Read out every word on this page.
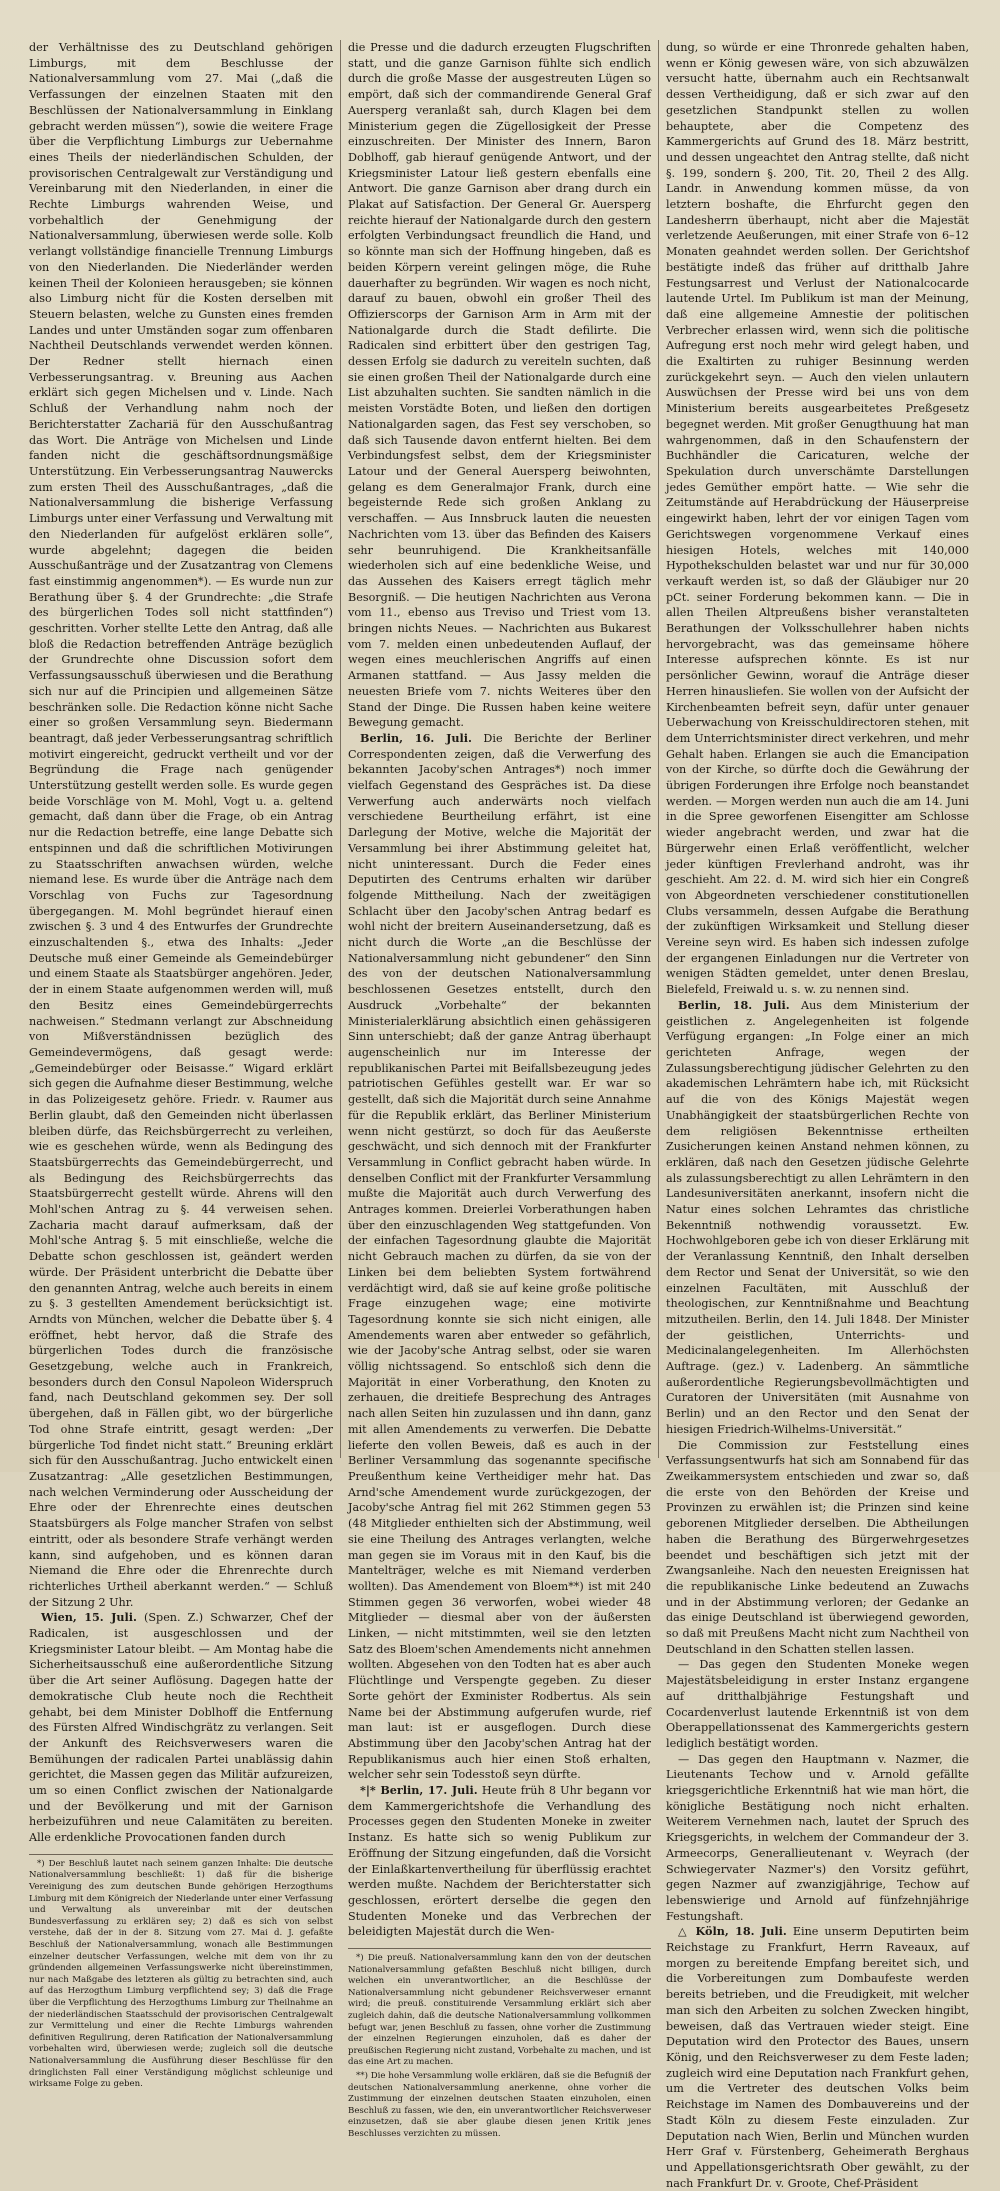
der Verhältnisse des zu Deutschland gehörigen Limburgs, mit dem Beschlusse der Nationalversammlung vom 27. Mai („daß die Verfassungen der einzelnen Staaten mit den Beschlüssen der Nationalversammlung in Einklang gebracht werden müssen“), sowie die weitere Frage über die Verpflichtung Limburgs zur Uebernahme eines Theils der niederländischen Schulden, der provisorischen Centralgewalt zur Verständigung und Vereinbarung mit den Niederlanden, in einer die Rechte Limburgs wahrenden Weise, und vorbehaltlich der Genehmigung der Nationalversammlung, überwiesen werde solle. Kolb verlangt vollständige financielle Trennung Limburgs von den Niederlanden. Die Niederländer werden keinen Theil der Kolonieen herausgeben; sie können also Limburg nicht für die Kosten derselben mit Steuern belasten, welche zu Gunsten eines fremden Landes und unter Umständen sogar zum offenbaren Nachtheil Deutschlands verwendet werden können. Der Redner stellt hiernach einen Verbesserungsantrag. v. Breuning aus Aachen erklärt sich gegen Michelsen und v. Linde. Nach Schluß der Verhandlung nahm noch der Berichterstatter Zachariä für den Ausschußantrag das Wort. Die Anträge von Michelsen und Linde fanden nicht die geschäftsordnungsmäßige Unterstützung. Ein Verbesserungsantrag Nauwercks zum ersten Theil des Ausschußantrages, „daß die Nationalversammlung die bisherige Verfassung Limburgs unter einer Verfassung und Verwaltung mit den Niederlanden für aufgelöst erklären solle“, wurde abgelehnt; dagegen die beiden Ausschußanträge und der Zusatzantrag von Clemens fast einstimmig angenommen*). — Es wurde nun zur Berathung über §. 4 der Grundrechte: „die Strafe des bürgerlichen Todes soll nicht stattfinden“) geschritten. Vorher stellte Lette den Antrag, daß alle bloß die Redaction betreffenden Anträge bezüglich der Grundrechte ohne Discussion sofort dem Verfassungsausschuß überwiesen und die Berathung sich nur auf die Principien und allgemeinen Sätze beschränken solle. Die Redaction könne nicht Sache einer so großen Versammlung seyn. Biedermann beantragt, daß jeder Verbesserungsantrag schriftlich motivirt eingereicht, gedruckt vertheilt und vor der Begründung die Frage nach genügender Unterstützung gestellt werden solle. Es wurde gegen beide Vorschläge von M. Mohl, Vogt u. a. geltend gemacht, daß dann über die Frage, ob ein Antrag nur die Redaction betreffe, eine lange Debatte sich entspinnen und daß die schriftlichen Motivirungen zu Staatsschriften anwachsen würden, welche niemand lese. Es wurde über die Anträge nach dem Vorschlag von Fuchs zur Tagesordnung übergegangen. M. Mohl begründet hierauf einen zwischen §. 3 und 4 des Entwurfes der Grundrechte einzuschaltenden §., etwa des Inhalts: „Jeder Deutsche muß einer Gemeinde als Gemeindebürger und einem Staate als Staatsbürger angehören. Jeder, der in einem Staate aufgenommen werden will, muß den Besitz eines Gemeindebürgerrechts nachweisen.“ Stedmann verlangt zur Abschneidung von Mißverständnissen bezüglich des Gemeindevermögens, daß gesagt werde: „Gemeindebürger oder Beisasse.“ Wigard erklärt sich gegen die Aufnahme dieser Bestimmung, welche in das Polizeigesetz gehöre. Friedr. v. Raumer aus Berlin glaubt, daß den Gemeinden nicht überlassen bleiben dürfe, das Reichsbürgerrecht zu verleihen, wie es geschehen würde, wenn als Bedingung des Staatsbürgerrechts das Gemeindebürgerrecht, und als Bedingung des Reichsbürgerrechts das Staatsbürgerrecht gestellt würde. Ahrens will den Mohl'schen Antrag zu §. 44 verweisen sehen. Zacharia macht darauf aufmerksam, daß der Mohl'sche Antrag §. 5 mit einschließe, welche die Debatte schon geschlossen ist, geändert werden würde. Der Präsident unterbricht die Debatte über den genannten Antrag, welche auch bereits in einem zu §. 3 gestellten Amendement berücksichtigt ist. Arndts von München, welcher die Debatte über §. 4 eröffnet, hebt hervor, daß die Strafe des bürgerlichen Todes durch die französische Gesetzgebung, welche auch in Frankreich, besonders durch den Consul Napoleon Widerspruch fand, nach Deutschland gekommen sey. Der soll übergehen, daß in Fällen gibt, wo der bürgerliche Tod ohne Strafe eintritt, gesagt werden: „Der bürgerliche Tod findet nicht statt.“ Breuning erklärt sich für den Ausschußantrag. Jucho entwickelt einen Zusatzantrag: „Alle gesetzlichen Bestimmungen, nach welchen Verminderung oder Ausscheidung der Ehre oder der Ehrenrechte eines deutschen Staatsbürgers als Folge mancher Strafen von selbst eintritt, oder als besondere Strafe verhängt werden kann, sind aufgehoben, und es können daran Niemand die Ehre oder die Ehrenrechte durch richterliches Urtheil aberkannt werden.“ — Schluß der Sitzung 2 Uhr.

Wien, 15. Juli. (Spen. Z.) Schwarzer, Chef der Radicalen, ist ausgeschlossen und der Kriegsminister Latour bleibt. — Am Montag habe die Sicherheitsausschuß eine außerordentliche Sitzung über die Art seiner Auflösung. Dagegen hatte der demokratische Club heute noch die Rechtheit gehabt, bei dem Minister Doblhoff die Entfernung des Fürsten Alfred Windischgrätz zu verlangen. Seit der Ankunft des Reichsverwesers waren die Bemühungen der radicalen Partei unablässig dahin gerichtet, die Massen gegen das Militär aufzureizen, um so einen Conflict zwischen der Nationalgarde und der Bevölkerung und mit der Garnison herbeizuführen und neue Calamitäten zu bereiten. Alle erdenkliche Provocationen fanden durch

*) Der Beschluß lautet nach seinem ganzen Inhalte: Die deutsche Nationalversammlung beschließt: 1) daß für die bisherige Vereinigung des zum deutschen Bunde gehörigen Herzogthums Limburg mit dem Königreich der Niederlande unter einer Verfassung und Verwaltung als unvereinbar mit der deutschen Bundesverfassung zu erklären sey; 2) daß es sich von selbst verstehe, daß der in der 8. Sitzung vom 27. Mai d. J. gefaßte Beschluß der Nationalversammlung, wonach alle Bestimmungen einzelner deutscher Verfassungen, welche mit dem von ihr zu gründenden allgemeinen Verfassungswerke nicht übereinstimmen, nur nach Maßgabe des letzteren als gültig zu betrachten sind, auch auf das Herzogthum Limburg verpflichtend sey; 3) daß die Frage über die Verpflichtung des Herzogthums Limburg zur Theilnahme an der niederländischen Staatsschuld der provisorischen Centralgewalt zur Vermittelung und einer die Rechte Limburgs wahrenden definitiven Regulirung, deren Ratification der Nationalversammlung vorbehalten wird, überwiesen werde; zugleich soll die deutsche Nationalversammlung die Ausführung dieser Beschlüsse für den dringlichsten Fall einer Verständigung möglichst schleunige und wirksame Folge zu geben.

die Presse und die dadurch erzeugten Flugschriften statt, und die ganze Garnison fühlte sich endlich durch die große Masse der ausgestreuten Lügen so empört, daß sich der commandirende General Graf Auersperg veranlaßt sah, durch Klagen bei dem Ministerium gegen die Zügellosigkeit der Presse einzuschreiten. Der Minister des Innern, Baron Doblhoff, gab hierauf genügende Antwort, und der Kriegsminister Latour ließ gestern ebenfalls eine Antwort. Die ganze Garnison aber drang durch ein Plakat auf Satisfaction. Der General Gr. Auersperg reichte hierauf der Nationalgarde durch den gestern erfolgten Verbindungsact freundlich die Hand, und so könnte man sich der Hoffnung hingeben, daß es beiden Körpern vereint gelingen möge, die Ruhe dauerhafter zu begründen. Wir wagen es noch nicht, darauf zu bauen, obwohl ein großer Theil des Offizierscorps der Garnison Arm in Arm mit der Nationalgarde durch die Stadt defilirte. Die Radicalen sind erbittert über den gestrigen Tag, dessen Erfolg sie dadurch zu vereiteln suchten, daß sie einen großen Theil der Nationalgarde durch eine List abzuhalten suchten. Sie sandten nämlich in die meisten Vorstädte Boten, und ließen den dortigen Nationalgarden sagen, das Fest sey verschoben, so daß sich Tausende davon entfernt hielten. Bei dem Verbindungsfest selbst, dem der Kriegsminister Latour und der General Auersperg beiwohnten, gelang es dem Generalmajor Frank, durch eine begeisternde Rede sich großen Anklang zu verschaffen. — Aus Innsbruck lauten die neuesten Nachrichten vom 13. über das Befinden des Kaisers sehr beunruhigend. Die Krankheitsanfälle wiederholen sich auf eine bedenkliche Weise, und das Aussehen des Kaisers erregt täglich mehr Besorgniß. — Die heutigen Nachrichten aus Verona vom 11., ebenso aus Treviso und Triest vom 13. bringen nichts Neues. — Nachrichten aus Bukarest vom 7. melden einen unbedeutenden Auflauf, der wegen eines meuchlerischen Angriffs auf einen Armanen stattfand. — Aus Jassy melden die neuesten Briefe vom 7. nichts Weiteres über den Stand der Dinge. Die Russen haben keine weitere Bewegung gemacht.

Berlin, 16. Juli. Die Berichte der Berliner Correspondenten zeigen, daß die Verwerfung des bekannten Jacoby'schen Antrages*) noch immer vielfach Gegenstand des Gespräches ist. Da diese Verwerfung auch anderwärts noch vielfach verschiedene Beurtheilung erfährt, ist eine Darlegung der Motive, welche die Majorität der Versammlung bei ihrer Abstimmung geleitet hat, nicht uninteressant. Durch die Feder eines Deputirten des Centrums erhalten wir darüber folgende Mittheilung. Nach der zweitägigen Schlacht über den Jacoby'schen Antrag bedarf es wohl nicht der breitern Auseinandersetzung, daß es nicht durch die Worte „an die Beschlüsse der Nationalversammlung nicht gebundener“ den Sinn des von der deutschen Nationalversammlung beschlossenen Gesetzes entstellt, durch den Ausdruck „Vorbehalte“ der bekannten Ministerialerklärung absichtlich einen gehässigeren Sinn unterschiebt; daß der ganze Antrag überhaupt augenscheinlich nur im Interesse der republikanischen Partei mit Beifallsbezeugung jedes patriotischen Gefühles gestellt war. Er war so gestellt, daß sich die Majorität durch seine Annahme für die Republik erklärt, das Berliner Ministerium wenn nicht gestürzt, so doch für das Aeußerste geschwächt, und sich dennoch mit der Frankfurter Versammlung in Conflict gebracht haben würde. In denselben Conflict mit der Frankfurter Versammlung mußte die Majorität auch durch Verwerfung des Antrages kommen. Dreierlei Vorberathungen haben über den einzuschlagenden Weg stattgefunden. Von der einfachen Tagesordnung glaubte die Majorität nicht Gebrauch machen zu dürfen, da sie von der Linken bei dem beliebten System fortwährend verdächtigt wird, daß sie auf keine große politische Frage einzugehen wage; eine motivirte Tagesordnung konnte sie sich nicht einigen, alle Amendements waren aber entweder so gefährlich, wie der Jacoby'sche Antrag selbst, oder sie waren völlig nichtssagend. So entschloß sich denn die Majorität in einer Vorberathung, den Knoten zu zerhauen, die dreitiefe Besprechung des Antrages nach allen Seiten hin zuzulassen und ihn dann, ganz mit allen Amendements zu verwerfen. Die Debatte lieferte den vollen Beweis, daß es auch in der Berliner Versammlung das sogenannte specifische Preußenthum keine Vertheidiger mehr hat. Das Arnd'sche Amendement wurde zurückgezogen, der Jacoby'sche Antrag fiel mit 262 Stimmen gegen 53 (48 Mitglieder enthielten sich der Abstimmung, weil sie eine Theilung des Antrages verlangten, welche man gegen sie im Voraus mit in den Kauf, bis die Mantelträger, welche es mit Niemand verderben wollten). Das Amendement von Bloem**) ist mit 240 Stimmen gegen 36 verworfen, wobei wieder 48 Mitglieder — diesmal aber von der äußersten Linken, — nicht mitstimmten, weil sie den letzten Satz des Bloem'schen Amendements nicht annehmen wollten. Abgesehen von den Todten hat es aber auch Flüchtlinge und Verspengte gegeben. Zu dieser Sorte gehört der Exminister Rodbertus. Als sein Name bei der Abstimmung aufgerufen wurde, rief man laut: ist er ausgeflogen. Durch diese Abstimmung über den Jacoby'schen Antrag hat der Republikanismus auch hier einen Stoß erhalten, welcher sehr sein Todesstoß seyn dürfte.

*|* Berlin, 17. Juli. Heute früh 8 Uhr begann vor dem Kammergerichtshofe die Verhandlung des Processes gegen den Studenten Moneke in zweiter Instanz. Es hatte sich so wenig Publikum zur Eröffnung der Sitzung eingefunden, daß die Vorsicht der Einlaßkartenvertheilung für überflüssig erachtet werden mußte. Nachdem der Berichterstatter sich geschlossen, erörtert derselbe die gegen den Studenten Moneke und das Verbrechen der beleidigten Majestät durch die Wen-

*) Die preuß. Nationalversammlung kann den von der deutschen Nationalversammlung gefaßten Beschluß nicht billigen, durch welchen ein unverantwortlicher, an die Beschlüsse der Nationalversammlung nicht gebundener Reichsverweser ernannt wird; die preuß. constituirende Versammlung erklärt sich aber zugleich dahin, daß die deutsche Nationalversammlung vollkommen befugt war, jenen Beschluß zu fassen, ohne vorher die Zustimmung der einzelnen Regierungen einzuholen, daß es daher der preußischen Regierung nicht zustand, Vorbehalte zu machen, und ist das eine Art zu machen.

**) Die hohe Versammlung wolle erklären, daß sie die Befugniß der deutschen Nationalversammlung anerkenne, ohne vorher die Zustimmung der einzelnen deutschen Staaten einzuholen, einen Beschluß zu fassen, wie den, ein unverantwortlicher Reichsverweser einzusetzen, daß sie aber glaube diesen jenen Kritik jenes Beschlusses verzichten zu müssen.

dung, so würde er eine Thronrede gehalten haben, wenn er König gewesen wäre, von sich abzuwälzen versucht hatte, übernahm auch ein Rechtsanwalt dessen Vertheidigung, daß er sich zwar auf den gesetzlichen Standpunkt stellen zu wollen behauptete, aber die Competenz des Kammergerichts auf Grund des 18. März bestritt, und dessen ungeachtet den Antrag stellte, daß nicht §. 199, sondern §. 200, Tit. 20, Theil 2 des Allg. Landr. in Anwendung kommen müsse, da von letztern boshafte, die Ehrfurcht gegen den Landesherrn überhaupt, nicht aber die Majestät verletzende Aeußerungen, mit einer Strafe von 6–12 Monaten geahndet werden sollen. Der Gerichtshof bestätigte indeß das früher auf dritthalb Jahre Festungsarrest und Verlust der Nationalcocarde lautende Urtel. Im Publikum ist man der Meinung, daß eine allgemeine Amnestie der politischen Verbrecher erlassen wird, wenn sich die politische Aufregung erst noch mehr wird gelegt haben, und die Exaltirten zu ruhiger Besinnung werden zurückgekehrt seyn. — Auch den vielen unlautern Auswüchsen der Presse wird bei uns von dem Ministerium bereits ausgearbeitetes Preßgesetz begegnet werden. Mit großer Genugthuung hat man wahrgenommen, daß in den Schaufenstern der Buchhändler die Caricaturen, welche der Spekulation durch unverschämte Darstellungen jedes Gemüther empört hatte. — Wie sehr die Zeitumstände auf Herabdrückung der Häuserpreise eingewirkt haben, lehrt der vor einigen Tagen vom Gerichtswegen vorgenommene Verkauf eines hiesigen Hotels, welches mit 140,000 Hypothekschulden belastet war und nur für 30,000 verkauft werden ist, so daß der Gläubiger nur 20 pCt. seiner Forderung bekommen kann. — Die in allen Theilen Altpreußens bisher veranstalteten Berathungen der Volksschullehrer haben nichts hervorgebracht, was das gemeinsame höhere Interesse aufsprechen könnte. Es ist nur persönlicher Gewinn, worauf die Anträge dieser Herren hinausliefen. Sie wollen von der Aufsicht der Kirchenbeamten befreit seyn, dafür unter genauer Ueberwachung von Kreisschuldirectoren stehen, mit dem Unterrichtsminister direct verkehren, und mehr Gehalt haben. Erlangen sie auch die Emancipation von der Kirche, so dürfte doch die Gewährung der übrigen Forderungen ihre Erfolge noch beanstandet werden. — Morgen werden nun auch die am 14. Juni in die Spree geworfenen Eisengitter am Schlosse wieder angebracht werden, und zwar hat die Bürgerwehr einen Erlaß veröffentlicht, welcher jeder künftigen Frevlerhand androht, was ihr geschieht. Am 22. d. M. wird sich hier ein Congreß von Abgeordneten verschiedener constitutionellen Clubs versammeln, dessen Aufgabe die Berathung der zukünftigen Wirksamkeit und Stellung dieser Vereine seyn wird. Es haben sich indessen zufolge der ergangenen Einladungen nur die Vertreter von wenigen Städten gemeldet, unter denen Breslau, Bielefeld, Freiwald u. s. w. zu nennen sind.

Berlin, 18. Juli. Aus dem Ministerium der geistlichen z. Angelegenheiten ist folgende Verfügung ergangen: „In Folge einer an mich gerichteten Anfrage, wegen der Zulassungsberechtigung jüdischer Gelehrten zu den akademischen Lehrämtern habe ich, mit Rücksicht auf die von des Königs Majestät wegen Unabhängigkeit der staatsbürgerlichen Rechte von dem religiösen Bekenntnisse ertheilten Zusicherungen keinen Anstand nehmen können, zu erklären, daß nach den Gesetzen jüdische Gelehrte als zulassungsberechtigt zu allen Lehrämtern in den Landesuniversitäten anerkannt, insofern nicht die Natur eines solchen Lehramtes das christliche Bekenntniß nothwendig voraussetzt. Ew. Hochwohlgeboren gebe ich von dieser Erklärung mit der Veranlassung Kenntniß, den Inhalt derselben dem Rector und Senat der Universität, so wie den einzelnen Facultäten, mit Ausschluß der theologischen, zur Kenntnißnahme und Beachtung mitzutheilen. Berlin, den 14. Juli 1848. Der Minister der geistlichen, Unterrichts- und Medicinalangelegenheiten. Im Allerhöchsten Auftrage. (gez.) v. Ladenberg. An sämmtliche außerordentliche Regierungsbevollmächtigten und Curatoren der Universitäten (mit Ausnahme von Berlin) und an den Rector und den Senat der hiesigen Friedrich-Wilhelms-Universität.“

Die Commission zur Feststellung eines Verfassungsentwurfs hat sich am Sonnabend für das Zweikammersystem entschieden und zwar so, daß die erste von den Behörden der Kreise und Provinzen zu erwählen ist; die Prinzen sind keine geborenen Mitglieder derselben. Die Abtheilungen haben die Berathung des Bürgerwehrgesetzes beendet und beschäftigen sich jetzt mit der Zwangsanleihe. Nach den neuesten Ereignissen hat die republikanische Linke bedeutend an Zuwachs und in der Abstimmung verloren; der Gedanke an das einige Deutschland ist überwiegend geworden, so daß mit Preußens Macht nicht zum Nachtheil von Deutschland in den Schatten stellen lassen.

— Das gegen den Studenten Moneke wegen Majestätsbeleidigung in erster Instanz ergangene auf dritthalbjährige Festungshaft und Cocardenverlust lautende Erkenntniß ist von dem Oberappellationssenat des Kammergerichts gestern lediglich bestätigt worden.

— Das gegen den Hauptmann v. Nazmer, die Lieutenants Techow und v. Arnold gefällte kriegsgerichtliche Erkenntniß hat wie man hört, die königliche Bestätigung noch nicht erhalten. Weiterem Vernehmen nach, lautet der Spruch des Kriegsgerichts, in welchem der Commandeur der 3. Armeecorps, Generallieutenant v. Weyrach (der Schwiegervater Nazmer's) den Vorsitz geführt, gegen Nazmer auf zwanzigjährige, Techow auf lebenswierige und Arnold auf fünfzehnjährige Festungshaft.

△ Köln, 18. Juli. Eine unserm Deputirten beim Reichstage zu Frankfurt, Herrn Raveaux, auf morgen zu bereitende Empfang bereitet sich, und die Vorbereitungen zum Dombaufeste werden bereits betrieben, und die Freudigkeit, mit welcher man sich den Arbeiten zu solchen Zwecken hingibt, beweisen, daß das Vertrauen wieder steigt. Eine Deputation wird den Protector des Baues, unsern König, und den Reichsverweser zu dem Feste laden; zugleich wird eine Deputation nach Frankfurt gehen, um die Vertreter des deutschen Volks beim Reichstage im Namen des Dombauvereins und der Stadt Köln zu diesem Feste einzuladen. Zur Deputation nach Wien, Berlin und München wurden Herr Graf v. Fürstenberg, Geheimerath Berghaus und Appellationsgerichtsrath Ober gewählt, zu der nach Frankfurt Dr. v. Groote, Chef-Präsident
